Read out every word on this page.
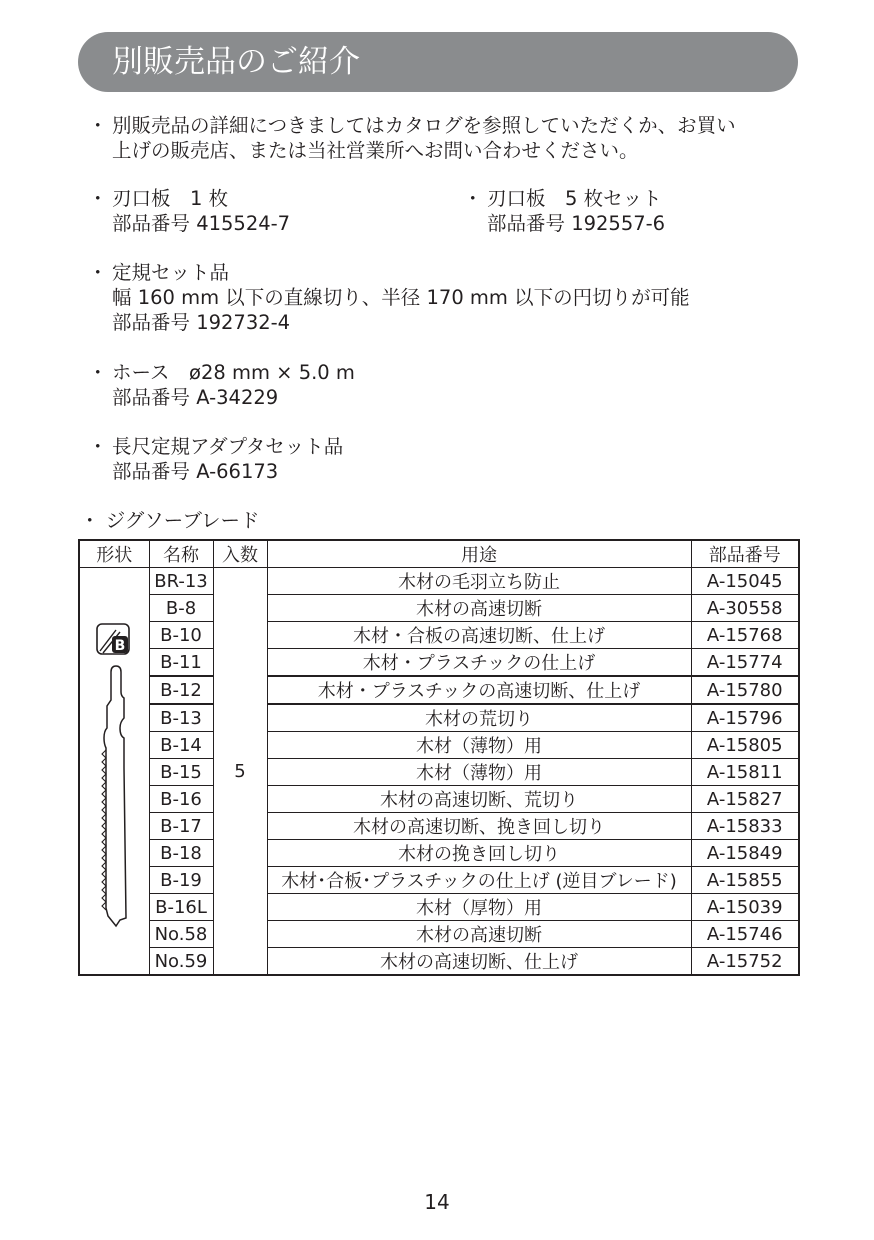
別販売品のご紹介
・ 別販売品の詳細につきましてはカタログを参照していただくか、お買い

上げの販売店、または当社営業所へお問い合わせください。

・ 刃口板　1 枚

部品番号 415524-7

・ 刃口板　5 枚セット

部品番号 192557-6

・ 定規セット品

幅 160 mm 以下の直線切り、半径 170 mm 以下の円切りが可能

部品番号 192732-4

・ ホース　ø28 mm × 5.0 m

部品番号 A-34229

・ 長尺定規アダプタセット品

部品番号 A-66173

・ ジグソーブレード
形状	名称	入数	用途	部品番号

B	BR-13	5	木材の毛羽立ち防止	A-15045
	B-8		木材の高速切断	A-30558
	B-10		木材・合板の高速切断、仕上げ	A-15768
	B-11		木材・プラスチックの仕上げ	A-15774
	B-12		木材・プラスチックの高速切断、仕上げ	A-15780
	B-13		木材の荒切り	A-15796
	B-14		木材（薄物）用	A-15805
	B-15		木材（薄物）用	A-15811
	B-16		木材の高速切断、荒切り	A-15827
	B-17		木材の高速切断、挽き回し切り	A-15833
	B-18		木材の挽き回し切り	A-15849
	B-19		木材･合板･プラスチックの仕上げ (逆目ブレード)	A-15855
	B-16L		木材（厚物）用	A-15039
	No.58		木材の高速切断	A-15746
	No.59		木材の高速切断、仕上げ	A-15752
14
